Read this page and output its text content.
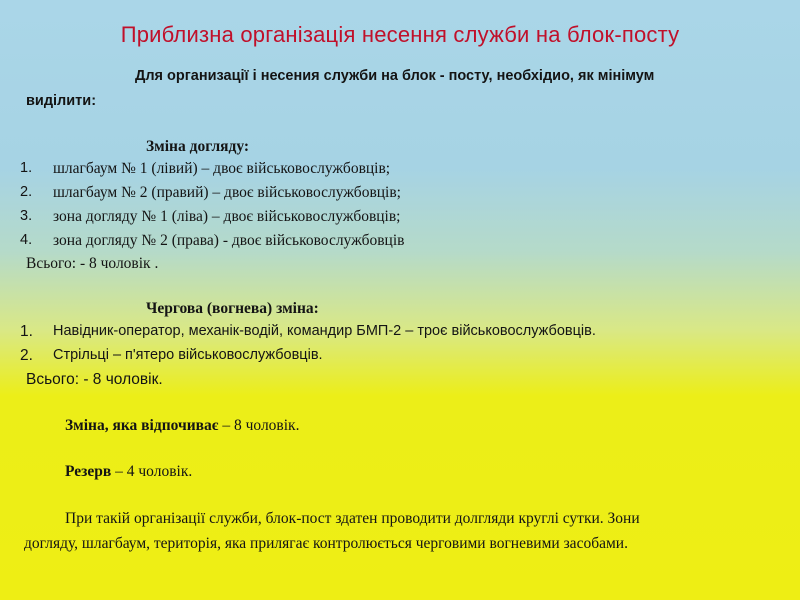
Приблизна організація несення служби на блок-посту
Для организації і несения служби на блок - посту, необхідио, як мінімум
виділити:
Зміна догляду:
1. шлагбаум № 1 (лівий) – двоє військовослужбовців;
2. шлагбаум № 2 (правий) – двоє військовослужбовців;
3. зона догляду № 1 (ліва) – двоє військовослужбовців;
4. зона догляду № 2 (права) - двоє військовослужбовців
Всього: - 8 чоловік .
Чергова (вогнева) зміна:
1. Навідник-оператор, механік-водій, командир БМП-2 – троє військовослужбовців.
2. Стрільці – п'ятеро військовослужбовців.
Всього: - 8 чоловік.
Зміна, яка відпочиває – 8 чоловік.
Резерв – 4 чоловік.
При такій організації служби, блок-пост здатен проводити долгляди круглі сутки. Зони
догляду, шлагбаум, територія, яка прилягає контролюється черговими вогневими засобами.
